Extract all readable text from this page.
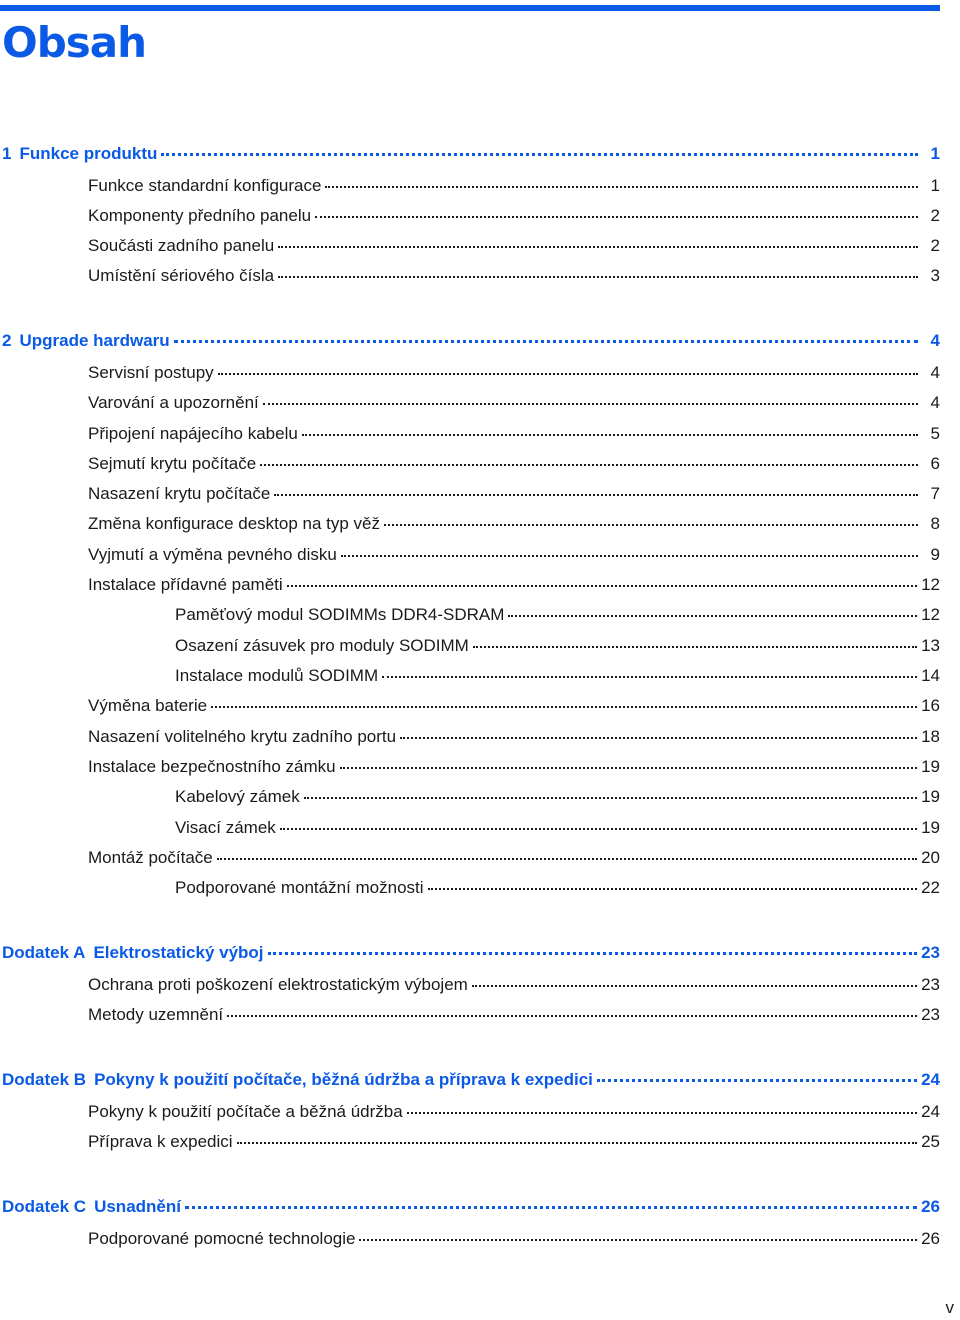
Obsah
1 Funkce produktu	1
Funkce standardní konfigurace	1
Komponenty předního panelu	2
Součásti zadního panelu	2
Umístění sériového čísla	3
2 Upgrade hardwaru	4
Servisní postupy	4
Varování a upozornění	4
Připojení napájecího kabelu	5
Sejmutí krytu počítače	6
Nasazení krytu počítače	7
Změna konfigurace desktop na typ věž	8
Vyjmutí a výměna pevného disku	9
Instalace přídavné paměti	12
Paměťový modul SODIMMs DDR4-SDRAM	12
Osazení zásuvek pro moduly SODIMM	13
Instalace modulů SODIMM	14
Výměna baterie	16
Nasazení volitelného krytu zadního portu	18
Instalace bezpečnostního zámku	19
Kabelový zámek	19
Visací zámek	19
Montáž počítače	20
Podporované montážní možnosti	22
Dodatek A Elektrostatický výboj	23
Ochrana proti poškození elektrostatickým výbojem	23
Metody uzemnění	23
Dodatek B Pokyny k použití počítače, běžná údržba a příprava k expedici	24
Pokyny k použití počítače a běžná údržba	24
Příprava k expedici	25
Dodatek C Usnadnění	26
Podporované pomocné technologie	26
v
